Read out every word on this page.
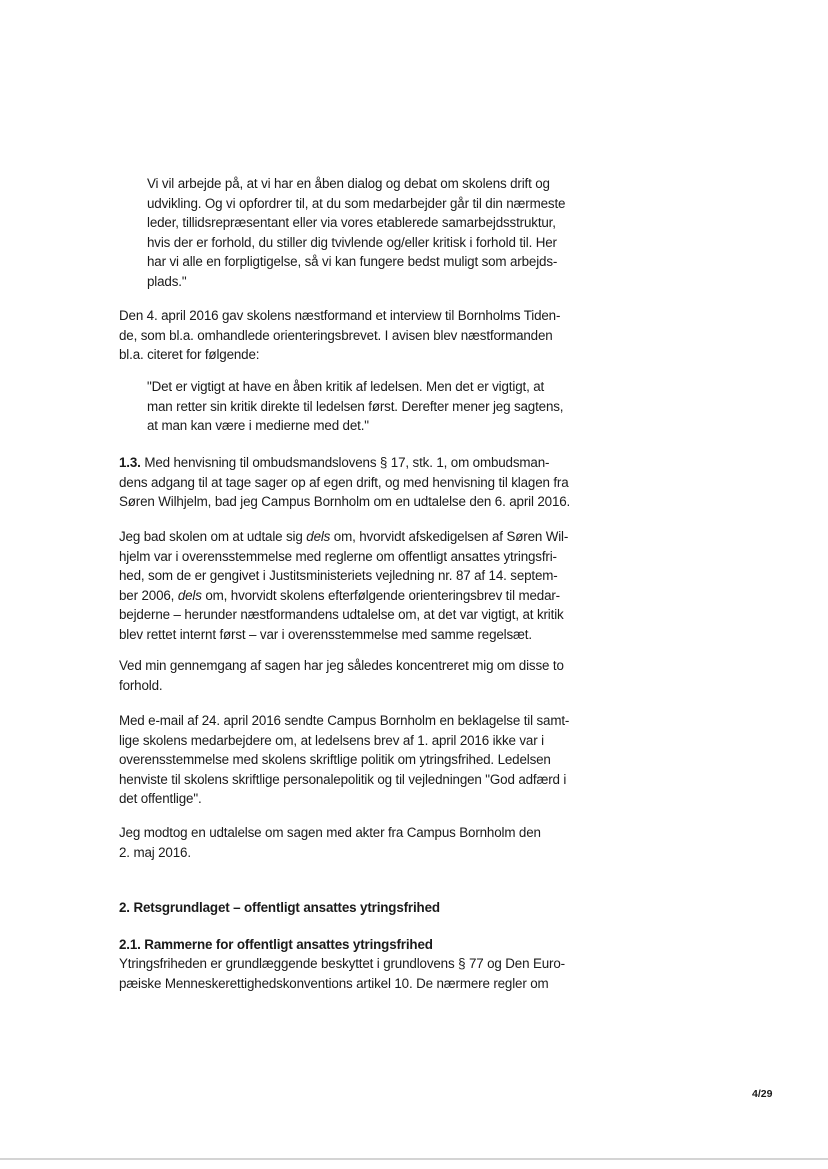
Vi vil arbejde på, at vi har en åben dialog og debat om skolens drift og
udvikling. Og vi opfordrer til, at du som medarbejder går til din nærmeste
leder, tillidsrepræsentant eller via vores etablerede samarbejdsstruktur,
hvis der er forhold, du stiller dig tvivlende og/eller kritisk i forhold til. Her
har vi alle en forpligtigelse, så vi kan fungere bedst muligt som arbejds-
plads."
Den 4. april 2016 gav skolens næstformand et interview til Bornholms Tiden-
de, som bl.a. omhandlede orienteringsbrevet. I avisen blev næstformanden
bl.a. citeret for følgende:
"Det er vigtigt at have en åben kritik af ledelsen. Men det er vigtigt, at
man retter sin kritik direkte til ledelsen først. Derefter mener jeg sagtens,
at man kan være i medierne med det."
1.3. Med henvisning til ombudsmandslovens § 17, stk. 1, om ombudsman-
dens adgang til at tage sager op af egen drift, og med henvisning til klagen fra
Søren Wilhjelm, bad jeg Campus Bornholm om en udtalelse den 6. april 2016.
Jeg bad skolen om at udtale sig dels om, hvorvidt afskedigelsen af Søren Wil-
hjelm var i overensstemmelse med reglerne om offentligt ansattes ytringsfri-
hed, som de er gengivet i Justitsministeriets vejledning nr. 87 af 14. septem-
ber 2006, dels om, hvorvidt skolens efterfølgende orienteringsbrev til medar-
bejderne – herunder næstformandens udtalelse om, at det var vigtigt, at kritik
blev rettet internt først – var i overensstemmelse med samme regelsæt.
Ved min gennemgang af sagen har jeg således koncentreret mig om disse to
forhold.
Med e-mail af 24. april 2016 sendte Campus Bornholm en beklagelse til samt-
lige skolens medarbejdere om, at ledelsens brev af 1. april 2016 ikke var i
overensstemmelse med skolens skriftlige politik om ytringsfrihed. Ledelsen
henviste til skolens skriftlige personalepolitik og til vejledningen "God adfærd i
det offentlige".
Jeg modtog en udtalelse om sagen med akter fra Campus Bornholm den
2. maj 2016.
2. Retsgrundlaget – offentligt ansattes ytringsfrihed
2.1. Rammerne for offentligt ansattes ytringsfrihed
Ytringsfriheden er grundlæggende beskyttet i grundlovens § 77 og Den Euro-
pæiske Menneskerettighedskonventions artikel 10. De nærmere regler om
4/29
